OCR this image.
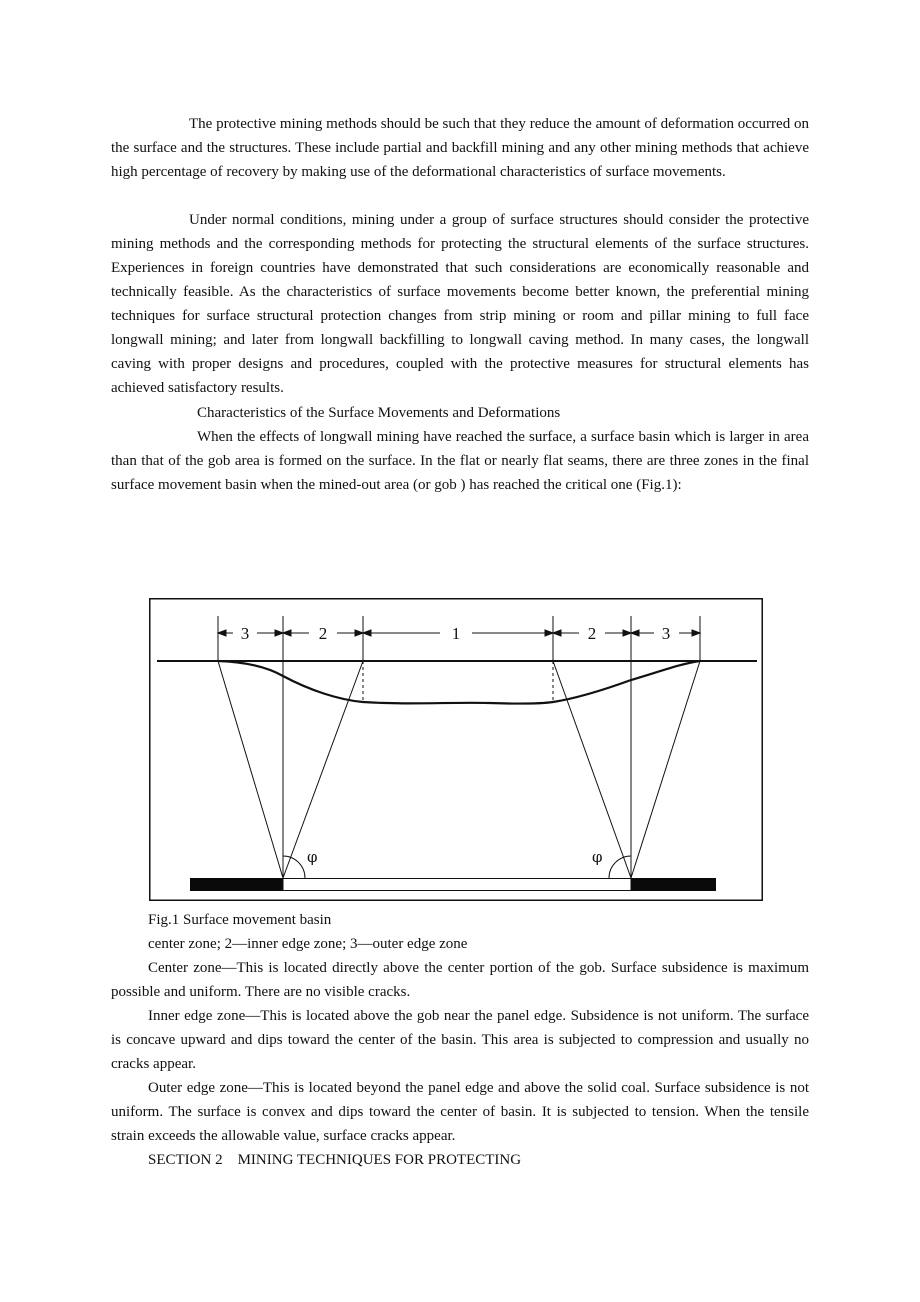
The protective mining methods should be such that they reduce the amount of deformation occurred on the surface and the structures. These include partial and backfill mining and any other mining methods that achieve high percentage of recovery by making use of the deformational characteristics of surface movements.

Under normal conditions, mining under a group of surface structures should consider the protective mining methods and the corresponding methods for protecting the structural elements of the surface structures. Experiences in foreign countries have demonstrated that such considerations are economically reasonable and technically feasible. As the characteristics of surface movements become better known, the preferential mining techniques for surface structural protection changes from strip mining or room and pillar mining to full face longwall mining; and later from longwall backfilling to longwall caving method. In many cases, the longwall caving with proper designs and procedures, coupled with the protective measures for structural elements has achieved satisfactory results.

Characteristics of the Surface Movements and Deformations

When the effects of longwall mining have reached the surface, a surface basin which is larger in area than that of the gob area is formed on the surface. In the flat or nearly flat seams, there are three zones in the final surface movement basin when the mined-out area (or gob ) has reached the critical one (Fig.1):

3	2	1	2	3
φ	φ

Fig.1 Surface movement basin

center zone; 2—inner edge zone; 3—outer edge zone

Center zone—This is located directly above the center portion of the gob. Surface subsidence is maximum possible and uniform. There are no visible cracks.

Inner edge zone—This is located above the gob near the panel edge. Subsidence is not uniform. The surface is concave upward and dips toward the center of the basin. This area is subjected to compression and usually no cracks appear.

Outer edge zone—This is located beyond the panel edge and above the solid coal. Surface subsidence is not uniform. The surface is convex and dips toward the center of basin. It is subjected to tension. When the tensile strain exceeds the allowable value, surface cracks appear.

SECTION 2    MINING TECHNIQUES FOR PROTECTING
